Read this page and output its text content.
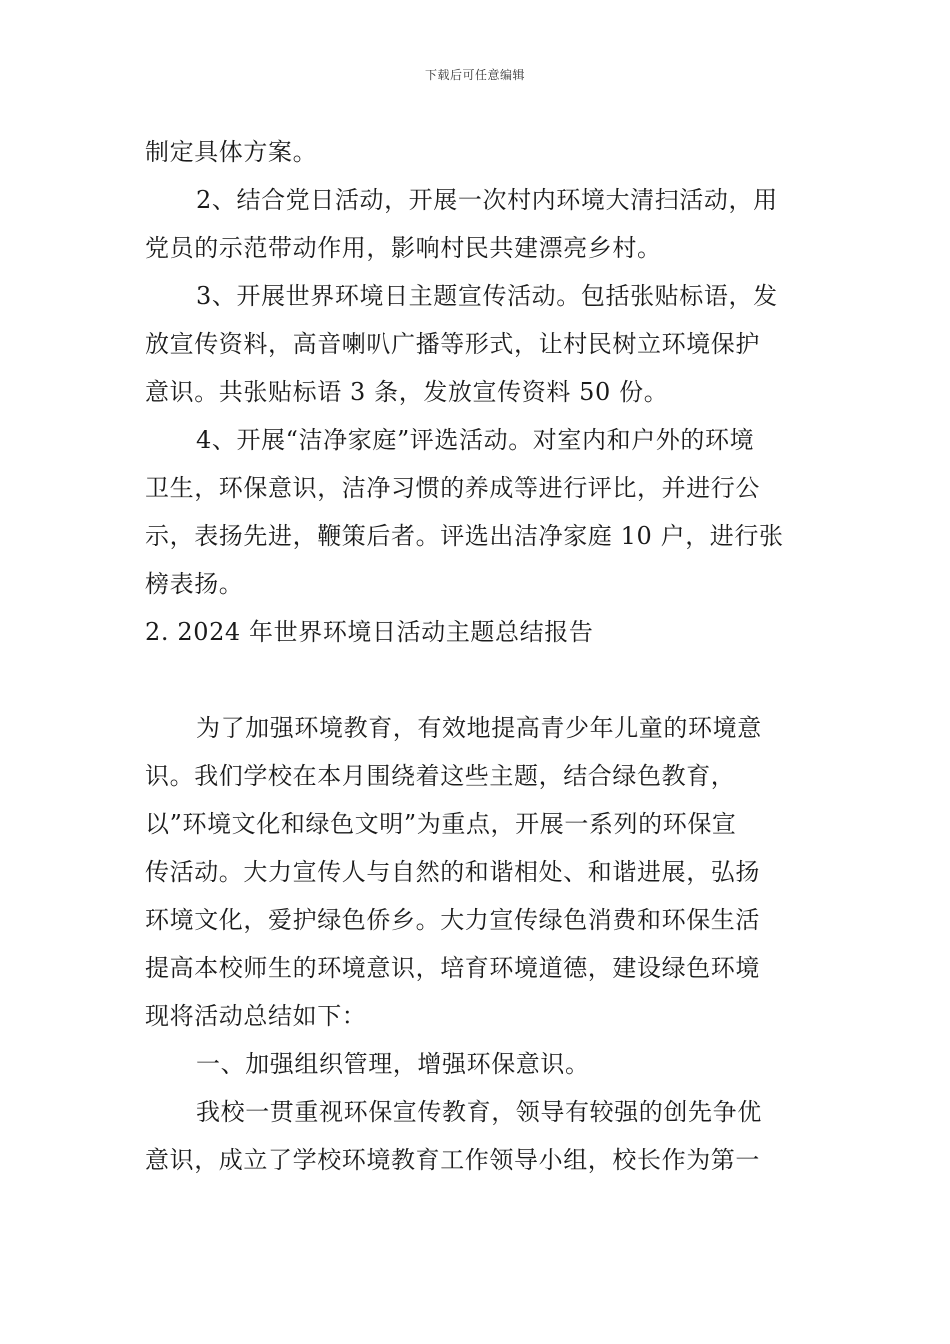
下载后可任意编辑
制定具体方案。
2、结合党日活动，开展一次村内环境大清扫活动，用
党员的示范带动作用，影响村民共建漂亮乡村。
3、开展世界环境日主题宣传活动。包括张贴标语，发
放宣传资料，高音喇叭广播等形式，让村民树立环境保护
意识。共张贴标语 3 条，发放宣传资料 50 份。
4、开展“洁净家庭”评选活动。对室内和户外的环境
卫生，环保意识，洁净习惯的养成等进行评比，并进行公
示，表扬先进，鞭策后者。评选出洁净家庭 10 户，进行张
榜表扬。
2. 2024 年世界环境日活动主题总结报告
为了加强环境教育，有效地提高青少年儿童的环境意
识。我们学校在本月围绕着这些主题，结合绿色教育，
以”环境文化和绿色文明”为重点，开展一系列的环保宣
传活动。大力宣传人与自然的和谐相处、和谐进展，弘扬
环境文化，爱护绿色侨乡。大力宣传绿色消费和环保生活
提高本校师生的环境意识，培育环境道德，建设绿色环境
现将活动总结如下：
一、加强组织管理，增强环保意识。
我校一贯重视环保宣传教育，领导有较强的创先争优
意识，成立了学校环境教育工作领导小组，校长作为第一
